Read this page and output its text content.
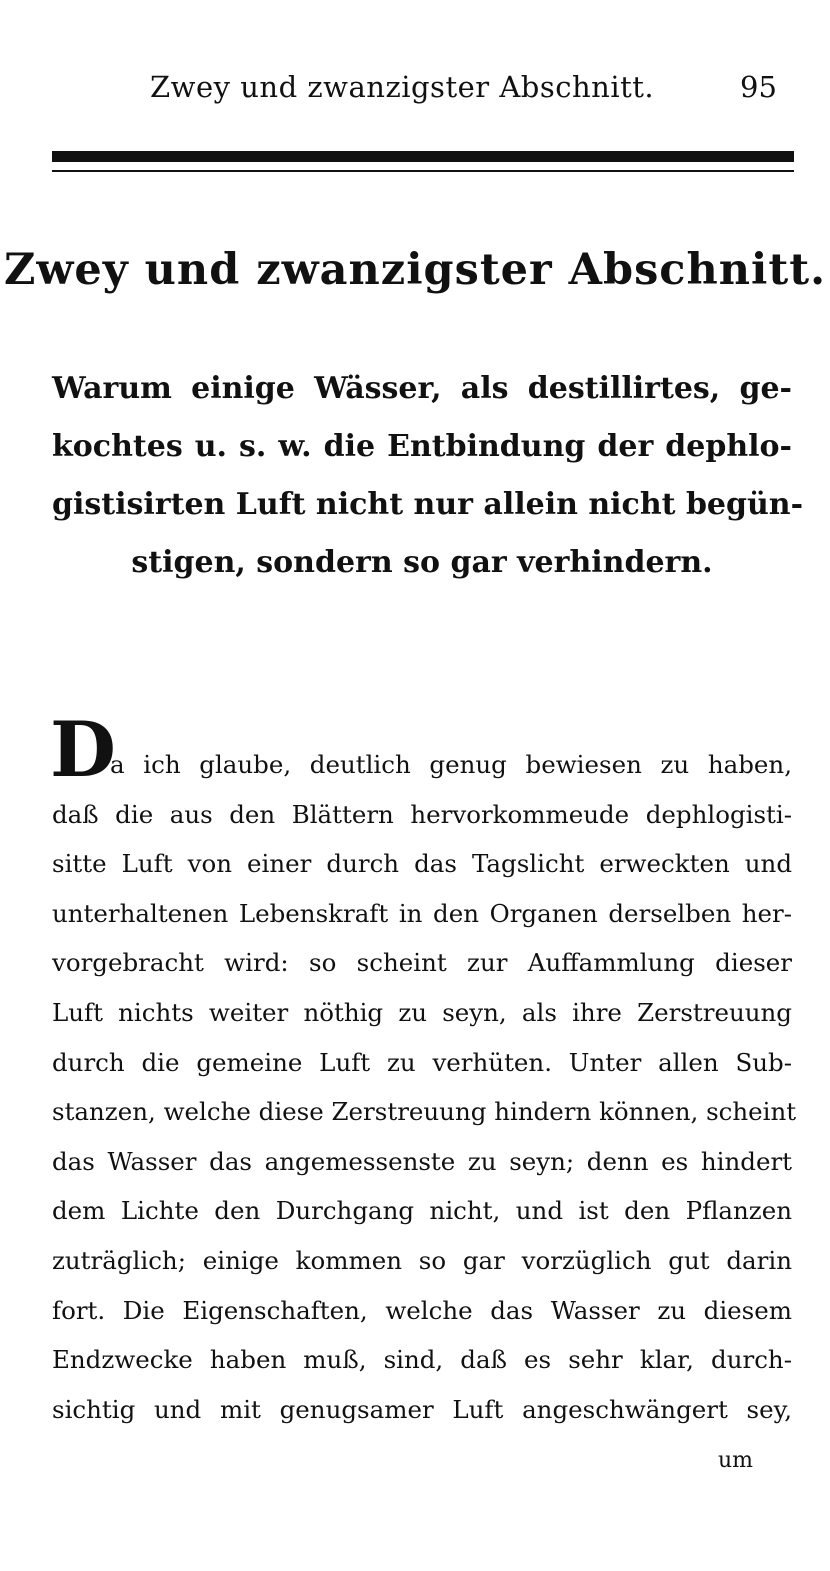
Zwey und zwanzigster Abschnitt.	95
Zwey und zwanzigster Abschnitt.
Warum einige Wässer, als destillirtes, ge-
kochtes u. s. w. die Entbindung der dephlo-
gistisirten Luft nicht nur allein nicht begün-
stigen, sondern so gar verhindern.
D
a ich glaube, deutlich genug bewiesen zu haben,
daß die aus den Blättern hervorkommeude dephlogisti-
sitte Luft von einer durch das Tagslicht erweckten und
unterhaltenen Lebenskraft in den Organen derselben her-
vorgebracht wird: so scheint zur Auffammlung dieser
Luft nichts weiter nöthig zu seyn, als ihre Zerstreuung
durch die gemeine Luft zu verhüten. Unter allen Sub-
stanzen, welche diese Zerstreuung hindern können, scheint
das Wasser das angemessenste zu seyn; denn es hindert
dem Lichte den Durchgang nicht, und ist den Pflanzen
zuträglich; einige kommen so gar vorzüglich gut darin
fort. Die Eigenschaften, welche das Wasser zu diesem
Endzwecke haben muß, sind, daß es sehr klar, durch-
sichtig und mit genugsamer Luft angeschwängert sey,
um
